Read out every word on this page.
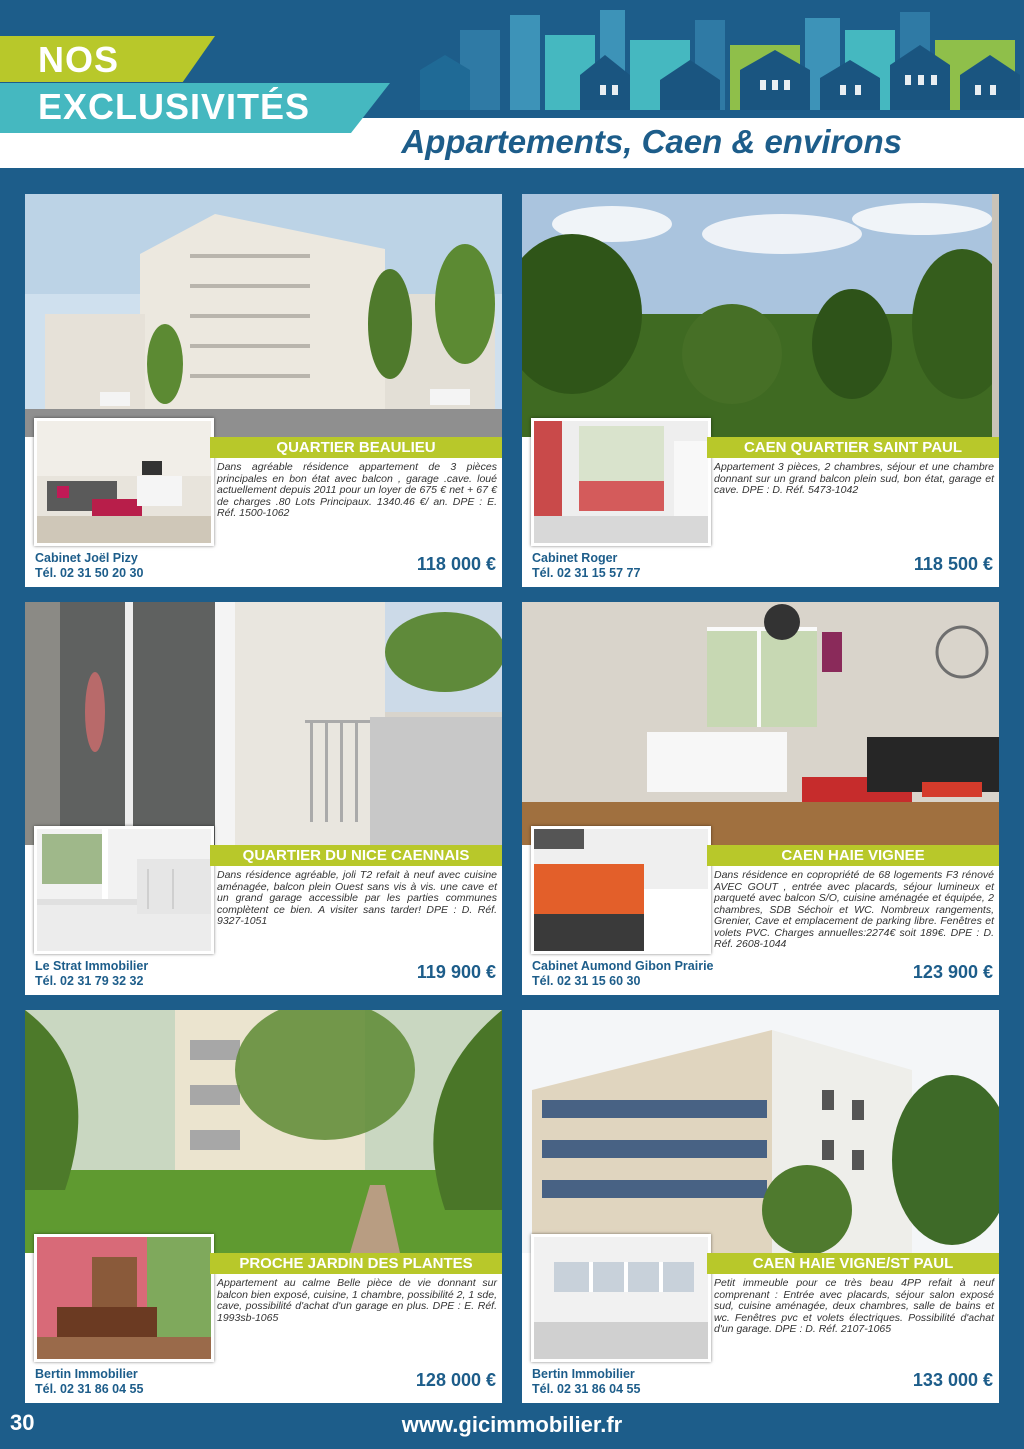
NOS
EXCLUSIVITÉS
Appartements, Caen & environs
QUARTIER BEAULIEU
Dans agréable résidence appartement de 3 pièces principales en bon état avec balcon , garage .cave. loué actuellement depuis 2011 pour un loyer de 675 € net + 67 € de charges .80 Lots Principaux. 1340.46 €/ an. DPE : E. Réf. 1500-1062
Cabinet Joël Pizy
Tél. 02 31 50 20 30	118 000 €
CAEN QUARTIER SAINT PAUL
Appartement 3 pièces, 2 chambres, séjour et une chambre donnant sur un grand balcon plein sud, bon état, garage et cave. DPE : D. Réf. 5473-1042
Cabinet Roger
Tél. 02 31 15 57 77	118 500 €
QUARTIER DU NICE CAENNAIS
Dans résidence agréable, joli T2 refait à neuf avec cuisine aménagée, balcon plein Ouest sans vis à vis. une cave et un grand garage accessible par les parties communes complètent ce bien. A visiter sans tarder! DPE : D. Réf. 9327-1051
Le Strat Immobilier
Tél. 02 31 79 32 32	119 900 €
CAEN HAIE VIGNEE
Dans résidence en copropriété de 68 logements F3 rénové AVEC GOUT , entrée avec placards, séjour lumineux et parqueté avec balcon S/O, cuisine aménagée et équipée, 2 chambres, SDB Séchoir et WC. Nombreux rangements, Grenier, Cave et emplacement de parking libre. Fenêtres et volets PVC. Charges annuelles:2274€ soit 189€. DPE : D. Réf. 2608-1044
Cabinet Aumond Gibon Prairie
Tél. 02 31 15 60 30	123 900 €
PROCHE JARDIN DES PLANTES
Appartement au calme Belle pièce de vie donnant sur balcon bien exposé, cuisine, 1 chambre, possibilité 2, 1 sde, cave, possibilité d'achat d'un garage en plus. DPE : E. Réf. 1993sb-1065
Bertin Immobilier
Tél. 02 31 86 04 55	128 000 €
CAEN HAIE VIGNE/ST PAUL
Petit immeuble pour ce très beau 4PP refait à neuf comprenant : Entrée avec placards, séjour salon exposé sud, cuisine aménagée, deux chambres, salle de bains et wc. Fenêtres pvc et volets électriques. Possibilité d'achat d'un garage. DPE : D. Réf. 2107-1065
Bertin Immobilier
Tél. 02 31 86 04 55	133 000 €
30	www.gicimmobilier.fr
